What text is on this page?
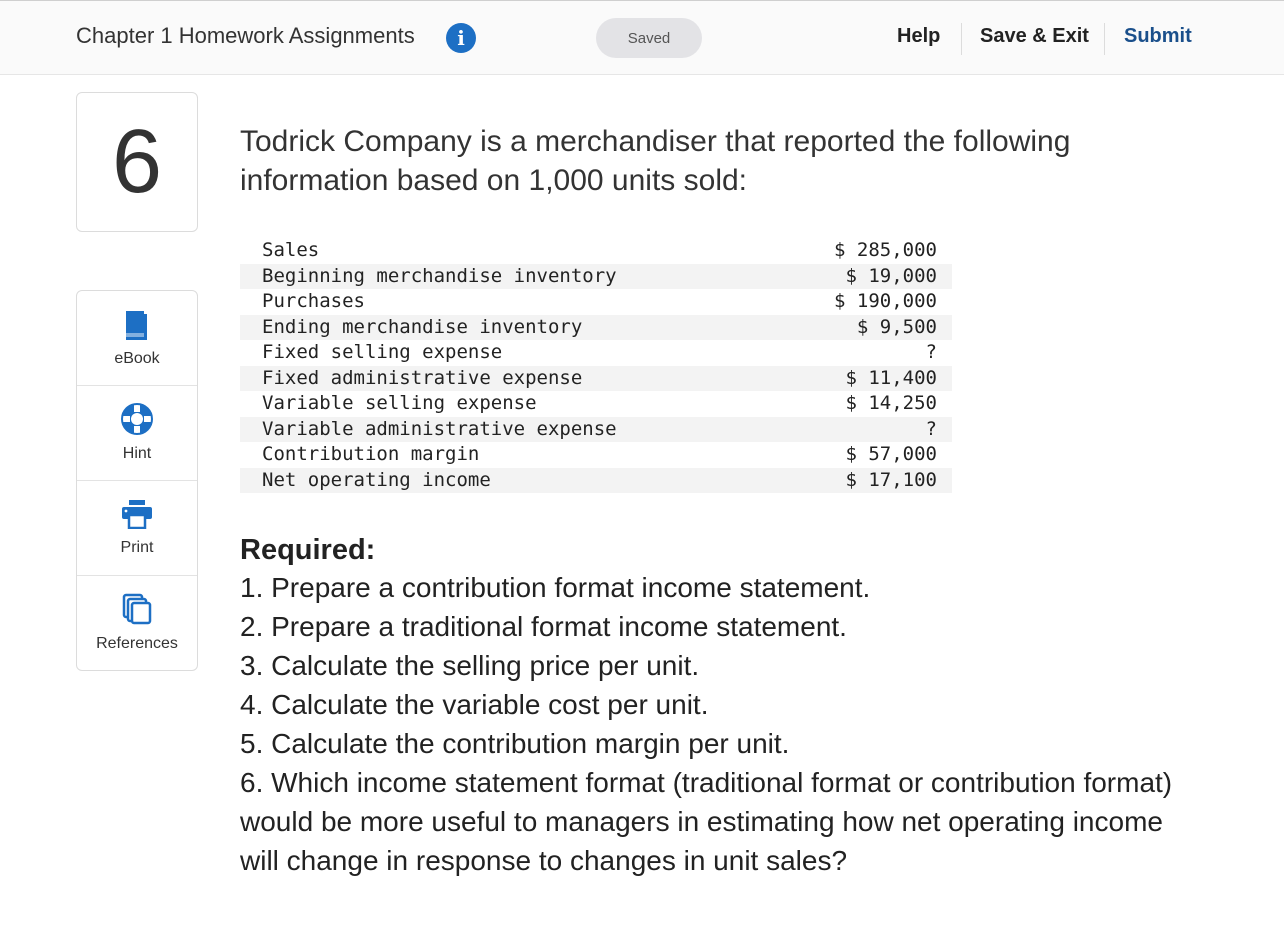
Chapter 1 Homework Assignments	i	Saved	Help Save & Exit Submit
6
eBook
Hint
Print
References
Todrick Company is a merchandiser that reported the following information based on 1,000 units sold:
Sales	$ 285,000
Beginning merchandise inventory	$ 19,000
Purchases	$ 190,000
Ending merchandise inventory	$ 9,500
Fixed selling expense	?
Fixed administrative expense	$ 11,400
Variable selling expense	$ 14,250
Variable administrative expense	?
Contribution margin	$ 57,000
Net operating income	$ 17,100
Required:
1. Prepare a contribution format income statement.
2. Prepare a traditional format income statement.
3. Calculate the selling price per unit.
4. Calculate the variable cost per unit.
5. Calculate the contribution margin per unit.
6. Which income statement format (traditional format or contribution format) would be more useful to managers in estimating how net operating income will change in response to changes in unit sales?
